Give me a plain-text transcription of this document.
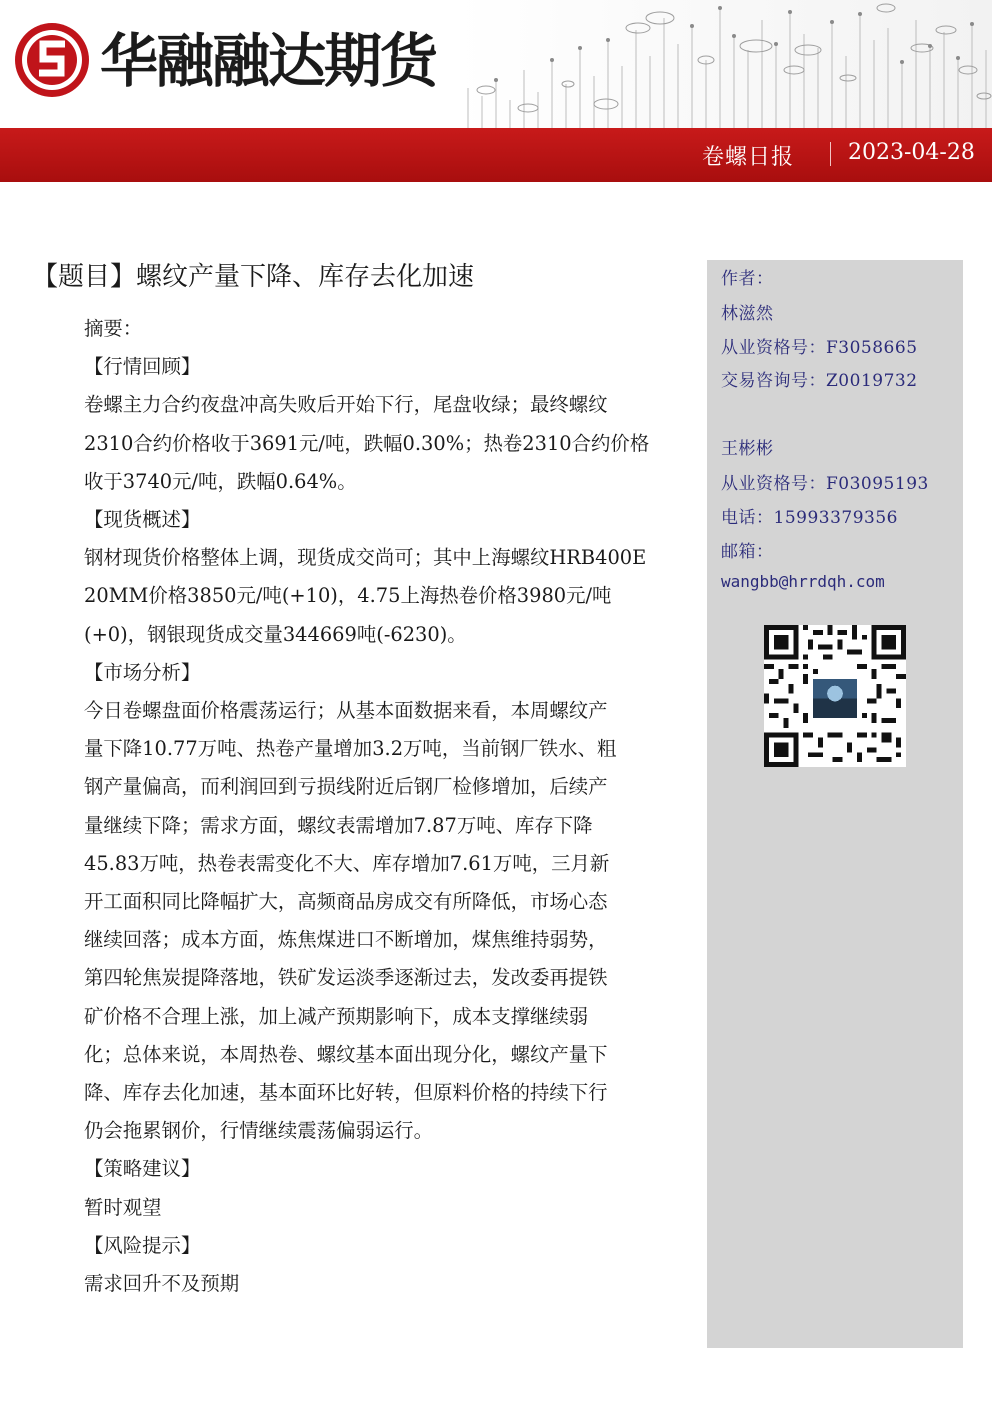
华融融达期货
卷螺日报 2023-04-28
【题目】螺纹产量下降、库存去化加速

摘要：

【行情回顾】

卷螺主力合约夜盘冲高失败后开始下行，尾盘收绿；最终螺纹

2310合约价格收于3691元/吨，跌幅0.30%；热卷2310合约价格

收于3740元/吨，跌幅0.64%。

【现货概述】

钢材现货价格整体上调，现货成交尚可；其中上海螺纹HRB400E

20MM价格3850元/吨(+10)，4.75上海热卷价格3980元/吨

(+0)，钢银现货成交量344669吨(-6230)。

【市场分析】

今日卷螺盘面价格震荡运行；从基本面数据来看，本周螺纹产

量下降10.77万吨、热卷产量增加3.2万吨，当前钢厂铁水、粗

钢产量偏高，而利润回到亏损线附近后钢厂检修增加，后续产

量继续下降；需求方面，螺纹表需增加7.87万吨、库存下降

45.83万吨，热卷表需变化不大、库存增加7.61万吨，三月新

开工面积同比降幅扩大，高频商品房成交有所降低，市场心态

继续回落；成本方面，炼焦煤进口不断增加，煤焦维持弱势，

第四轮焦炭提降落地，铁矿发运淡季逐渐过去，发改委再提铁

矿价格不合理上涨，加上减产预期影响下，成本支撑继续弱

化；总体来说，本周热卷、螺纹基本面出现分化，螺纹产量下

降、库存去化加速，基本面环比好转，但原料价格的持续下行

仍会拖累钢价，行情继续震荡偏弱运行。

【策略建议】

暂时观望

【风险提示】

需求回升不及预期

作者：
林滋然
从业资格号：F3058665
交易咨询号：Z0019732
王彬彬
从业资格号：F03095193
电话：15993379356
邮箱：
wangbb@hrrdqh.com
